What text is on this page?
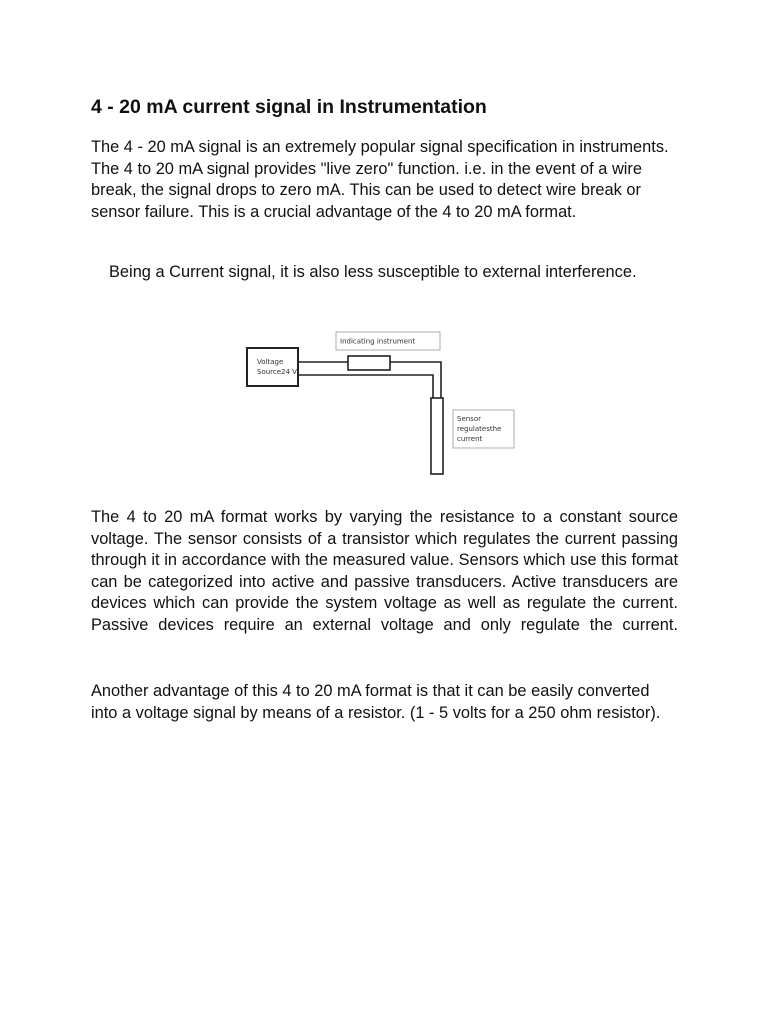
4 - 20 mA current signal in Instrumentation

The 4 - 20 mA signal is an extremely popular signal specification in instruments. The 4 to 20 mA signal provides "live zero" function. i.e. in the event of a wire break, the signal drops to zero mA. This can be used to detect wire break or sensor failure. This is a crucial advantage of the 4 to 20 mA format.

Being a Current signal, it is also less susceptible to external interference.

Indicating instrument
Voltage
Source24 V
Sensor
regulatesthe
current

The 4 to 20 mA format works by varying the resistance to a constant source voltage. The sensor consists of a transistor which regulates the current passing through it in accordance with the measured value. Sensors which use this format can be categorized into active and passive transducers. Active transducers are devices which can provide the system voltage as well as regulate the current. Passive devices require an external voltage and only regulate the current.

Another advantage of this 4 to 20 mA format is that it can be easily converted into a voltage signal by means of a resistor. (1 - 5 volts for a 250 ohm resistor).
